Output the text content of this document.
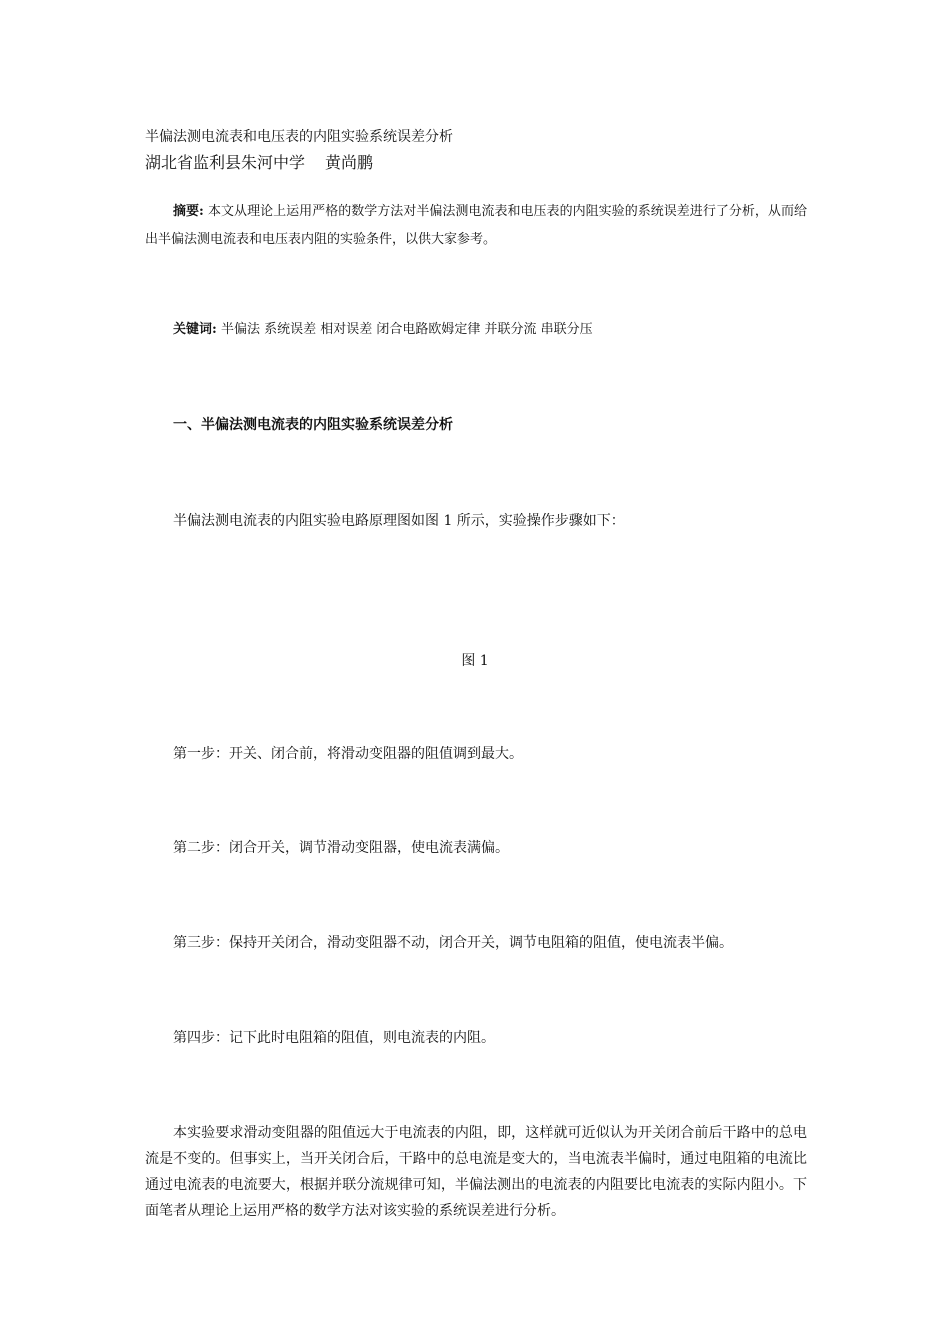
半偏法测电流表和电压表的内阻实验系统误差分析
湖北省监利县朱河中学 黄尚鹏
摘要: 本文从理论上运用严格的数学方法对半偏法测电流表和电压表的内阻实验的系统误差进行了分析，从而给出半偏法测电流表和电压表内阻的实验条件，以供大家参考。
关键词: 半偏法 系统误差 相对误差 闭合电路欧姆定律 并联分流 串联分压
一、半偏法测电流表的内阻实验系统误差分析
半偏法测电流表的内阻实验电路原理图如图 1 所示，实验操作步骤如下：
图 1
第一步：开关、闭合前，将滑动变阻器的阻值调到最大。
第二步：闭合开关，调节滑动变阻器，使电流表满偏。
第三步：保持开关闭合，滑动变阻器不动，闭合开关，调节电阻箱的阻值，使电流表半偏。
第四步：记下此时电阻箱的阻值，则电流表的内阻。
本实验要求滑动变阻器的阻值远大于电流表的内阻，即，这样就可近似认为开关闭合前后干路中的总电流是不变的。但事实上，当开关闭合后，干路中的总电流是变大的，当电流表半偏时，通过电阻箱的电流比通过电流表的电流要大，根据并联分流规律可知，半偏法测出的电流表的内阻要比电流表的实际内阻小。下面笔者从理论上运用严格的数学方法对该实验的系统误差进行分析。
